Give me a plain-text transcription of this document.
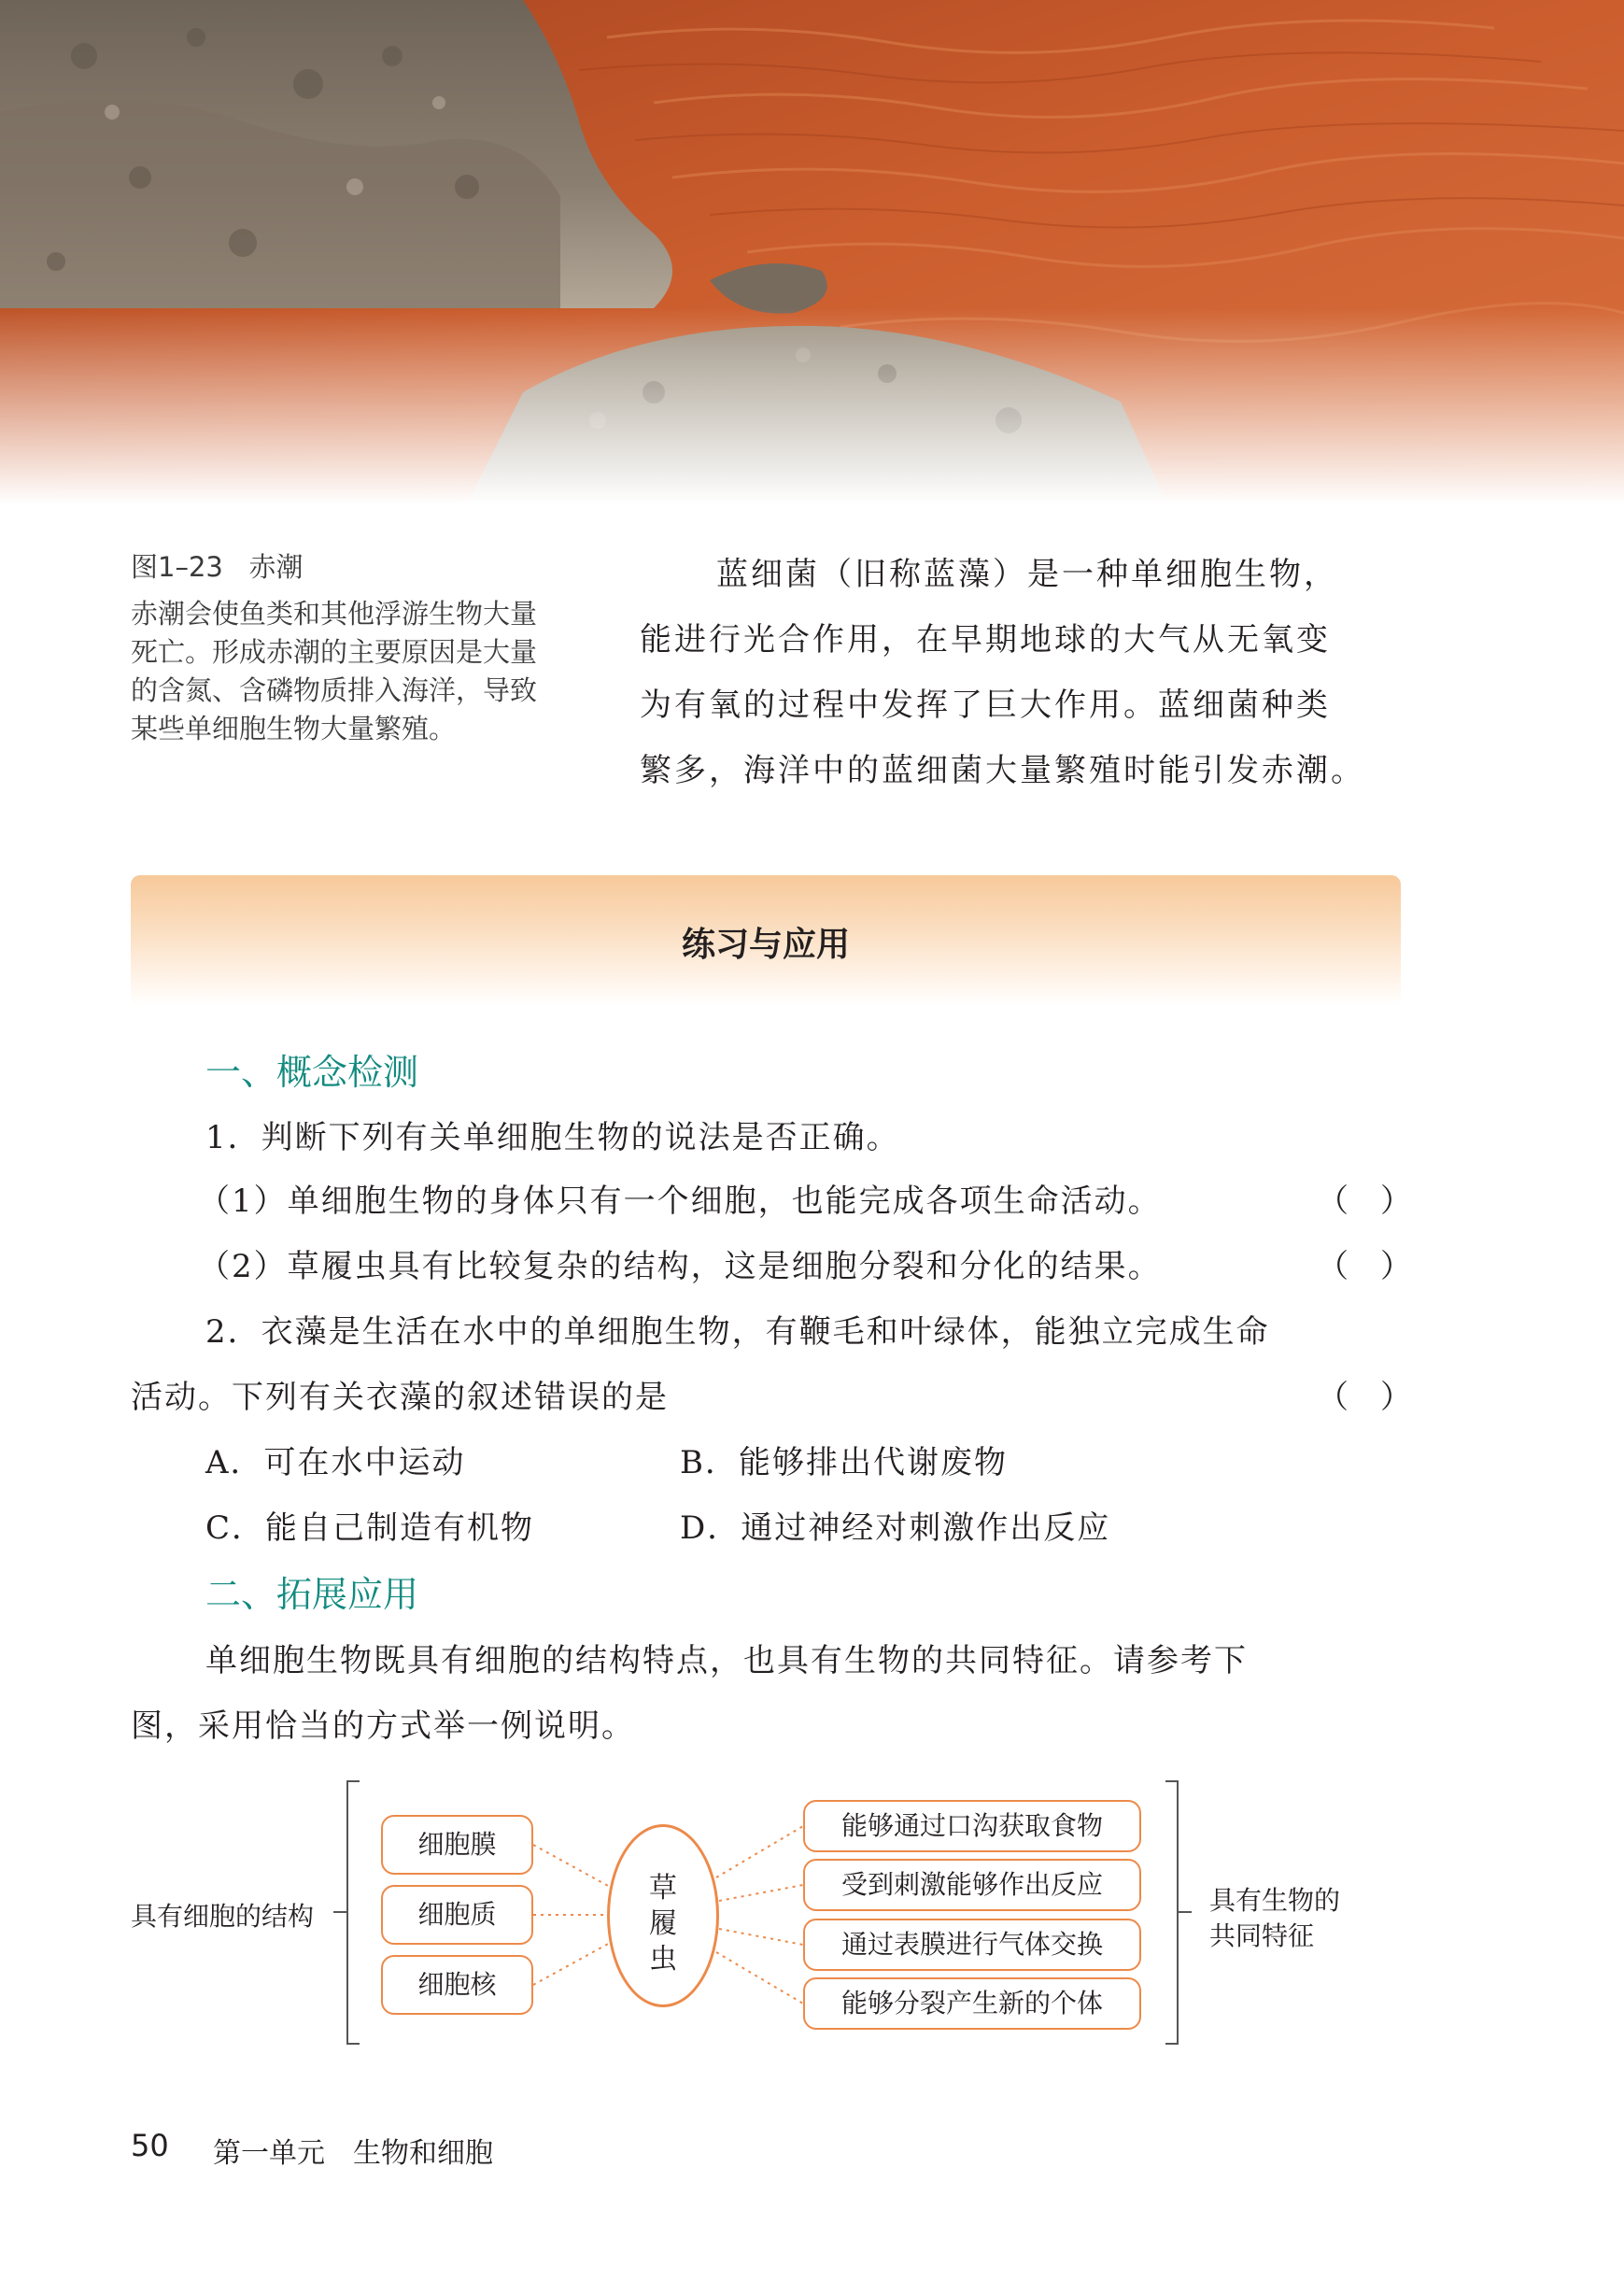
图1–23 赤潮
赤潮会使鱼类和其他浮游生物大量
死亡。形成赤潮的主要原因是大量
的含氮、含磷物质排入海洋，导致
某些单细胞生物大量繁殖。
蓝细菌（旧称蓝藻）是一种单细胞生物，
能进行光合作用，在早期地球的大气从无氧变
为有氧的过程中发挥了巨大作用。蓝细菌种类
繁多，海洋中的蓝细菌大量繁殖时能引发赤潮。
练习与应用
一、概念检测
1．判断下列有关单细胞生物的说法是否正确。
（1）单细胞生物的身体只有一个细胞，也能完成各项生命活动。	（　）
（2）草履虫具有比较复杂的结构，这是细胞分裂和分化的结果。	（　）
2．衣藻是生活在水中的单细胞生物，有鞭毛和叶绿体，能独立完成生命
活动。下列有关衣藻的叙述错误的是	（　）
A．可在水中运动	B．能够排出代谢废物
C．能自己制造有机物	D．通过神经对刺激作出反应
二、拓展应用
单细胞生物既具有细胞的结构特点，也具有生物的共同特征。请参考下
图，采用恰当的方式举一例说明。
具有细胞的结构
细胞膜
细胞质
细胞核
草
履
虫
能够通过口沟获取食物
受到刺激能够作出反应
通过表膜进行气体交换
能够分裂产生新的个体
具有生物的
共同特征
50 第一单元　生物和细胞
